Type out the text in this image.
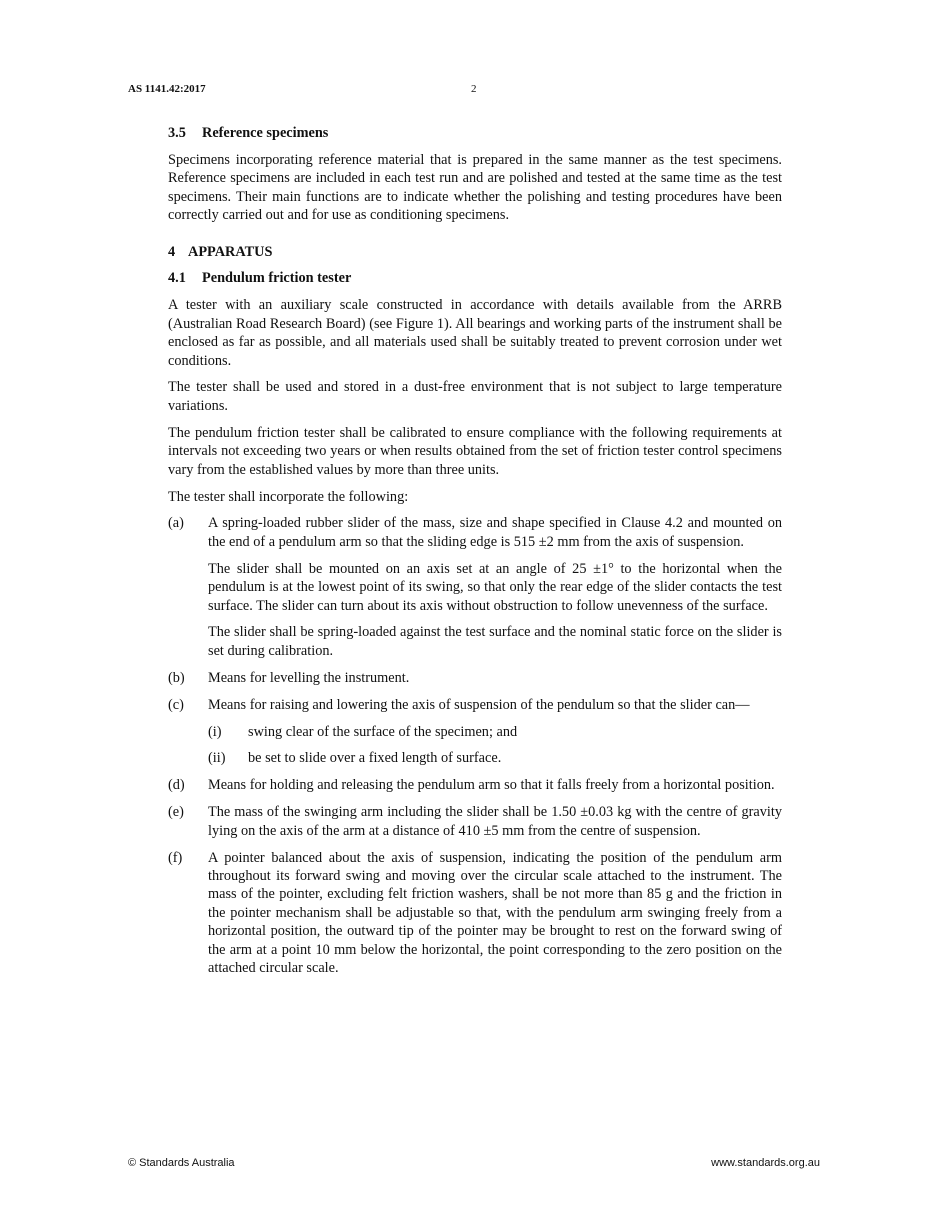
AS 1141.42:2017	2
3.5 Reference specimens

Specimens incorporating reference material that is prepared in the same manner as the test specimens. Reference specimens are included in each test run and are polished and tested at the same time as the test specimens. Their main functions are to indicate whether the polishing and testing procedures have been correctly carried out and for use as conditioning specimens.

4 APPARATUS
4.1 Pendulum friction tester

A tester with an auxiliary scale constructed in accordance with details available from the ARRB (Australian Road Research Board) (see Figure 1). All bearings and working parts of the instrument shall be enclosed as far as possible, and all materials used shall be suitably treated to prevent corrosion under wet conditions.

The tester shall be used and stored in a dust-free environment that is not subject to large temperature variations.

The pendulum friction tester shall be calibrated to ensure compliance with the following requirements at intervals not exceeding two years or when results obtained from the set of friction tester control specimens vary from the established values by more than three units.

The tester shall incorporate the following:

(a) A spring-loaded rubber slider of the mass, size and shape specified in Clause 4.2 and mounted on the end of a pendulum arm so that the sliding edge is 515 ±2 mm from the axis of suspension.

The slider shall be mounted on an axis set at an angle of 25 ±1° to the horizontal when the pendulum is at the lowest point of its swing, so that only the rear edge of the slider contacts the test surface. The slider can turn about its axis without obstruction to follow unevenness of the surface.

The slider shall be spring-loaded against the test surface and the nominal static force on the slider is set during calibration.

(b) Means for levelling the instrument.

(c) Means for raising and lowering the axis of suspension of the pendulum so that the slider can—

(i) swing clear of the surface of the specimen; and

(ii) be set to slide over a fixed length of surface.

(d) Means for holding and releasing the pendulum arm so that it falls freely from a horizontal position.

(e) The mass of the swinging arm including the slider shall be 1.50 ±0.03 kg with the centre of gravity lying on the axis of the arm at a distance of 410 ±5 mm from the centre of suspension.

(f) A pointer balanced about the axis of suspension, indicating the position of the pendulum arm throughout its forward swing and moving over the circular scale attached to the instrument. The mass of the pointer, excluding felt friction washers, shall be not more than 85 g and the friction in the pointer mechanism shall be adjustable so that, with the pendulum arm swinging freely from a horizontal position, the outward tip of the pointer may be brought to rest on the forward swing of the arm at a point 10 mm below the horizontal, the point corresponding to the zero position on the attached circular scale.

© Standards Australia	www.standards.org.au
